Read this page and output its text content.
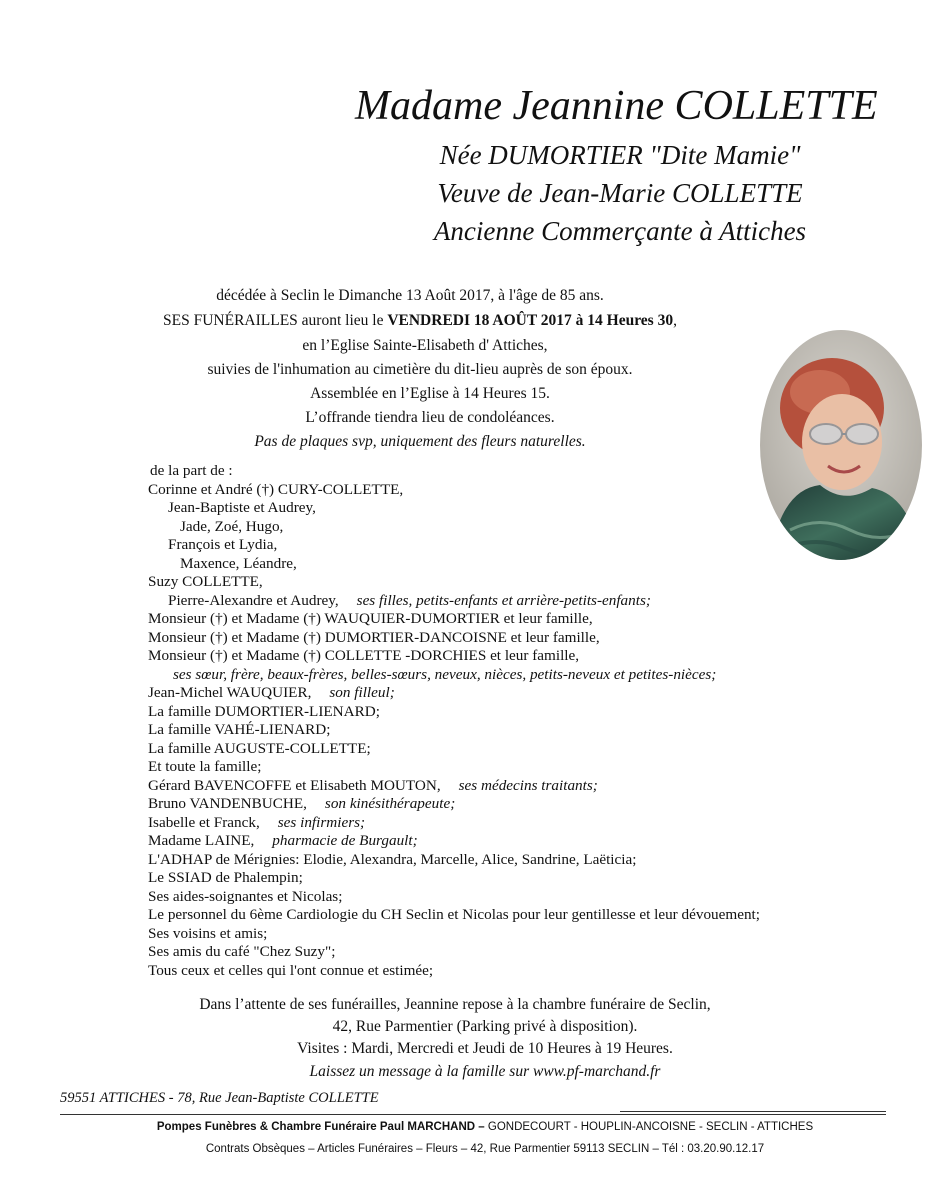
Madame Jeannine COLLETTE
Née DUMORTIER "Dite Mamie"
Veuve de Jean-Marie COLLETTE
Ancienne Commerçante à Attiches
décédée à Seclin le Dimanche 13 Août 2017, à l'âge de 85 ans.
SES FUNÉRAILLES auront lieu le VENDREDI 18 AOÛT 2017 à 14 Heures 30,
en l’Eglise Sainte-Elisabeth d' Attiches,
suivies de l'inhumation au cimetière du dit-lieu auprès de son époux.
Assemblée en l’Eglise à 14 Heures 15.
L’offrande tiendra lieu de condoléances.
Pas de plaques svp, uniquement des fleurs naturelles.
de la part de :
Corinne et André (†) CURY-COLLETTE,
Jean-Baptiste et Audrey,
Jade, Zoé, Hugo,
François et Lydia,
Maxence, Léandre,
Suzy COLLETTE,
Pierre-Alexandre et Audrey, ses filles, petits-enfants et arrière-petits-enfants;
Monsieur (†) et Madame (†) WAUQUIER-DUMORTIER et leur famille,
Monsieur (†) et Madame (†) DUMORTIER-DANCOISNE et leur famille,
Monsieur (†) et Madame (†) COLLETTE -DORCHIES et leur famille,
ses sœur, frère, beaux-frères, belles-sœurs, neveux, nièces, petits-neveux et petites-nièces;
Jean-Michel WAUQUIER, son filleul;
La famille DUMORTIER-LIENARD;
La famille VAHÉ-LIENARD;
La famille AUGUSTE-COLLETTE;
Et toute la famille;
Gérard BAVENCOFFE et Elisabeth MOUTON, ses médecins traitants;
Bruno VANDENBUCHE, son kinésithérapeute;
Isabelle et Franck, ses infirmiers;
Madame LAINE, pharmacie de Burgault;
L'ADHAP de Mérignies: Elodie, Alexandra, Marcelle, Alice, Sandrine, Laëticia;
Le SSIAD de Phalempin;
Ses aides-soignantes et Nicolas;
Le personnel du 6ème Cardiologie du CH Seclin et Nicolas pour leur gentillesse et leur dévouement;
Ses voisins et amis;
Ses amis du café "Chez Suzy";
Tous ceux et celles qui l'ont connue et estimée;
Dans l’attente de ses funérailles, Jeannine repose à la chambre funéraire de Seclin,
42, Rue Parmentier (Parking privé à disposition).
Visites : Mardi, Mercredi et Jeudi de 10 Heures à 19 Heures.
Laissez un message à la famille sur www.pf-marchand.fr
59551 ATTICHES - 78, Rue Jean-Baptiste COLLETTE
Pompes Funèbres & Chambre Funéraire Paul MARCHAND – GONDECOURT - HOUPLIN-ANCOISNE - SECLIN - ATTICHES
Contrats Obsèques – Articles Funéraires – Fleurs – 42, Rue Parmentier 59113 SECLIN – Tél : 03.20.90.12.17
